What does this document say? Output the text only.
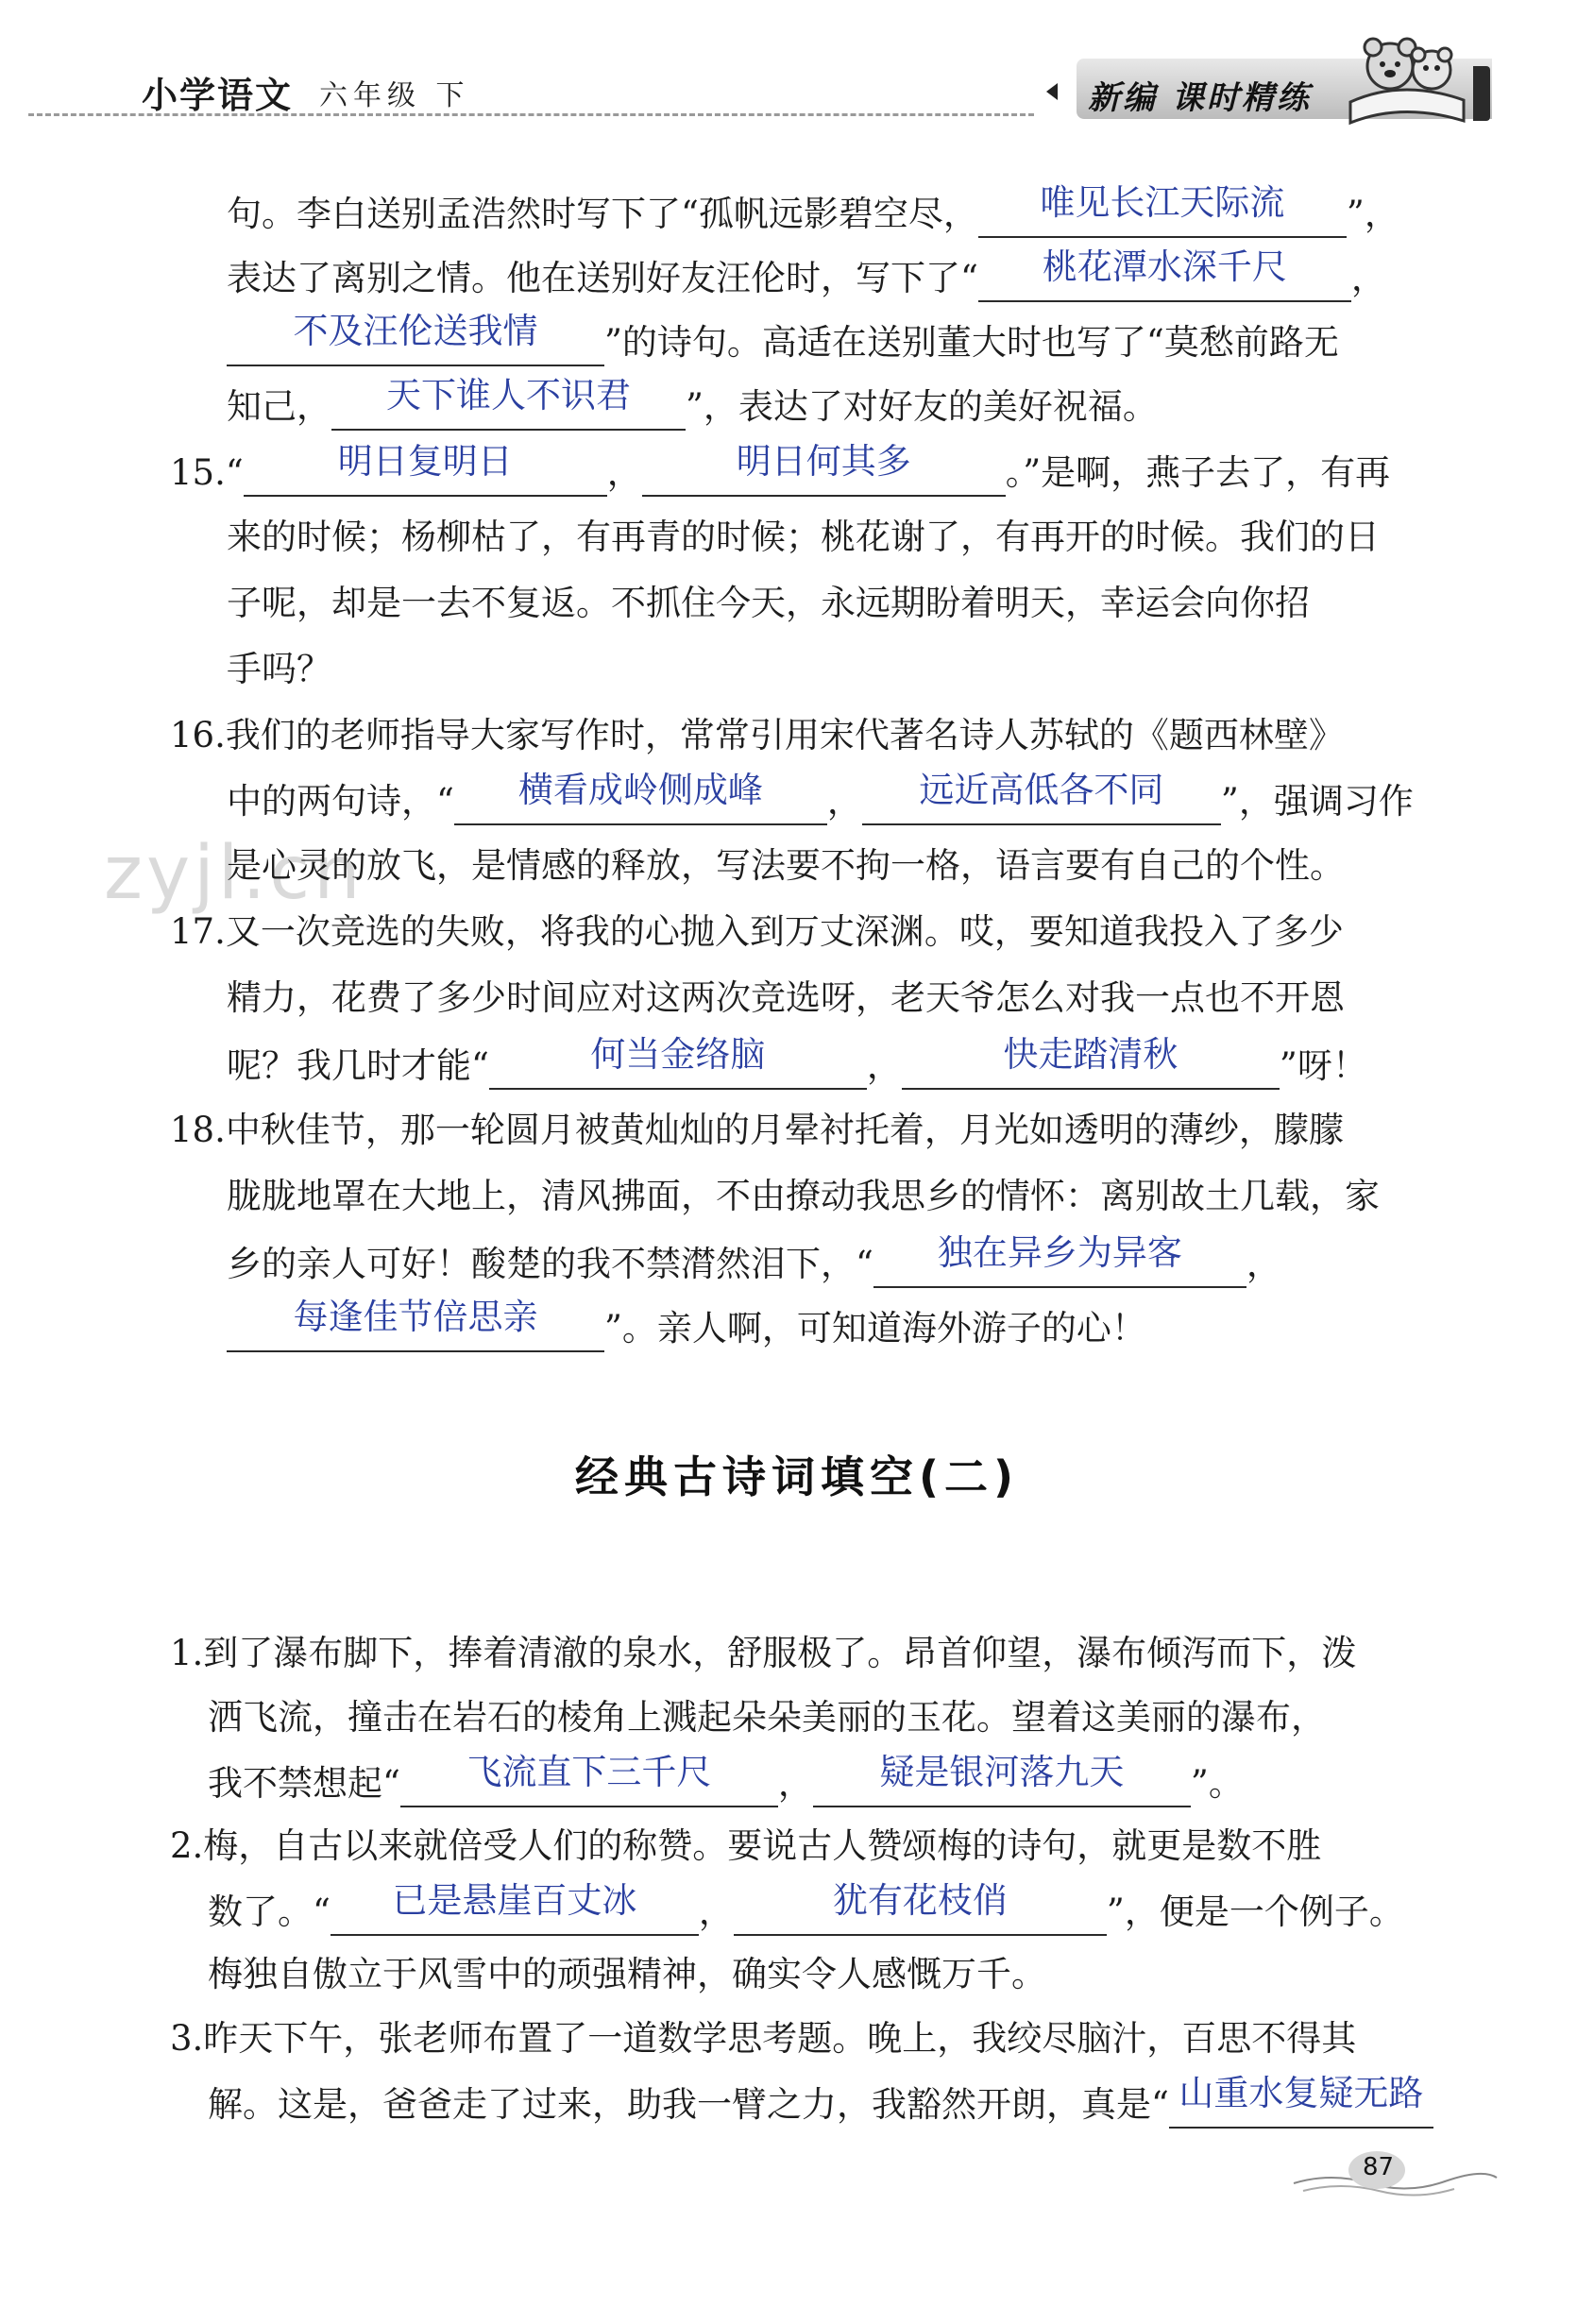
小学语文 六年级 下	新编 课时精练
zyjl.cn
经典古诗词填空(二)
句。李白送别孟浩然时写下了“孤帆远影碧空尽，	唯见长江天际流	”，
表达了离别之情。他在送别好友汪伦时，写下了“	桃花潭水深千尺	，
不及汪伦送我情	”的诗句。高适在送别董大时也写了“莫愁前路无
知己，	天下谁人不识君	”，表达了对好友的美好祝福。
15.“	明日复明日	，	明日何其多	。”是啊，燕子去了，有再
来的时候；杨柳枯了，有再青的时候；桃花谢了，有再开的时候。我们的日
子呢，却是一去不复返。不抓住今天，永远期盼着明天，幸运会向你招
手吗？
16.我们的老师指导大家写作时，常常引用宋代著名诗人苏轼的《题西林壁》
中的两句诗，“	横看成岭侧成峰	，	远近高低各不同	”，强调习作
是心灵的放飞，是情感的释放，写法要不拘一格，语言要有自己的个性。
17.又一次竞选的失败，将我的心抛入到万丈深渊。哎，要知道我投入了多少
精力，花费了多少时间应对这两次竞选呀，老天爷怎么对我一点也不开恩
呢？我几时才能“	何当金络脑	，	快走踏清秋	”呀！
18.中秋佳节，那一轮圆月被黄灿灿的月晕衬托着，月光如透明的薄纱，朦朦
胧胧地罩在大地上，清风拂面，不由撩动我思乡的情怀：离别故土几载，家
乡的亲人可好！酸楚的我不禁潸然泪下，“	独在异乡为异客	，
每逢佳节倍思亲	”。亲人啊，可知道海外游子的心！
1.到了瀑布脚下，捧着清澈的泉水，舒服极了。昂首仰望，瀑布倾泻而下，泼
洒飞流，撞击在岩石的棱角上溅起朵朵美丽的玉花。望着这美丽的瀑布，
我不禁想起“	飞流直下三千尺	，	疑是银河落九天	”。
2.梅，自古以来就倍受人们的称赞。要说古人赞颂梅的诗句，就更是数不胜
数了。“	已是悬崖百丈冰	，	犹有花枝俏	”，便是一个例子。
梅独自傲立于风雪中的顽强精神，确实令人感慨万千。
3.昨天下午，张老师布置了一道数学思考题。晚上，我绞尽脑汁，百思不得其
解。这是，爸爸走了过来，助我一臂之力，我豁然开朗，真是“ 山重水复疑无路
87
